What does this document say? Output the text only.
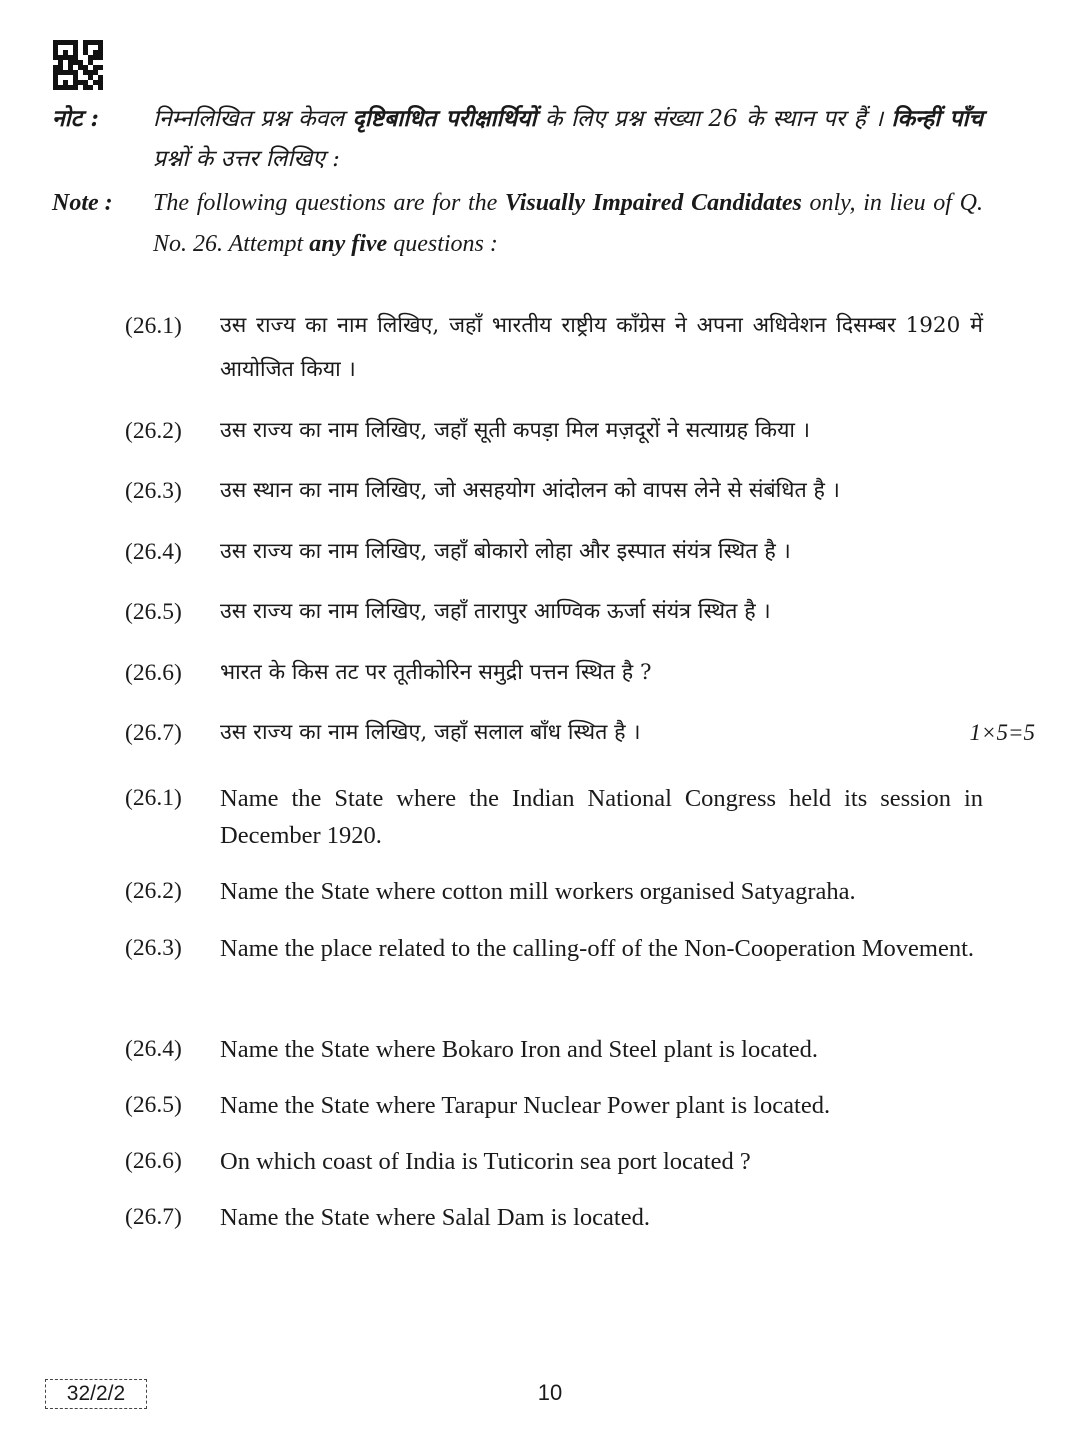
नोट : निम्नलिखित प्रश्न केवल दृष्टिबाधित परीक्षार्थियों के लिए प्रश्न संख्या 26 के स्थान पर हैं । किन्हीं पाँच प्रश्नों के उत्तर लिखिए :
Note : The following questions are for the Visually Impaired Candidates only, in lieu of Q. No. 26. Attempt any five questions :
(26.1) उस राज्य का नाम लिखिए, जहाँ भारतीय राष्ट्रीय काँग्रेस ने अपना अधिवेशन दिसम्बर 1920 में आयोजित किया ।
(26.2) उस राज्य का नाम लिखिए, जहाँ सूती कपड़ा मिल मज़दूरों ने सत्याग्रह किया ।
(26.3) उस स्थान का नाम लिखिए, जो असहयोग आंदोलन को वापस लेने से संबंधित है ।
(26.4) उस राज्य का नाम लिखिए, जहाँ बोकारो लोहा और इस्पात संयंत्र स्थित है ।
(26.5) उस राज्य का नाम लिखिए, जहाँ तारापुर आण्विक ऊर्जा संयंत्र स्थित है ।
(26.6) भारत के किस तट पर तूतीकोरिन समुद्री पत्तन स्थित है ?
(26.7) उस राज्य का नाम लिखिए, जहाँ सलाल बाँध स्थित है ।	1×5=5
(26.1) Name the State where the Indian National Congress held its session in December 1920.
(26.2) Name the State where cotton mill workers organised Satyagraha.
(26.3) Name the place related to the calling-off of the Non-Cooperation Movement.
(26.4) Name the State where Bokaro Iron and Steel plant is located.
(26.5) Name the State where Tarapur Nuclear Power plant is located.
(26.6) On which coast of India is Tuticorin sea port located ?
(26.7) Name the State where Salal Dam is located.
32/2/2	10
